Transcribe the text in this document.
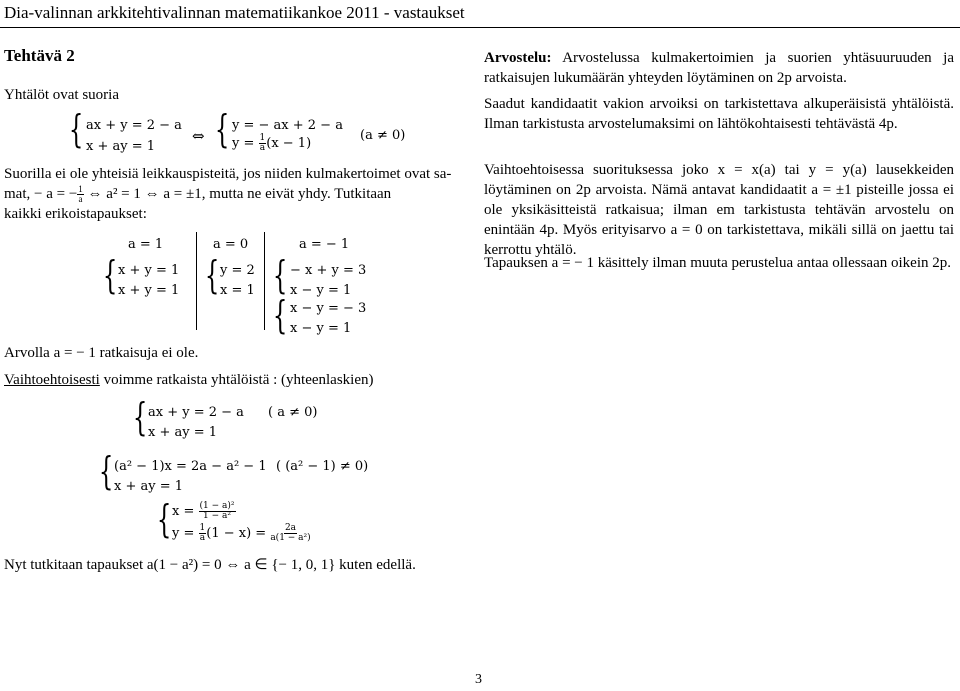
Dia-valinnan arkkitehtivalinnan matematiikankoe 2011 - vastaukset
Tehtävä 2
Yhtälöt ovat suoria
{ ax + y = 2 − a
x + ay = 1
⇔ { y = − ax + 2 − a
$y = \frac{1}{a} (x - 1)$
(a ≠ 0)
Suorilla ei ole yhteisiä leikkauspisteitä, jos niiden kulmakertoimet ovat sa-
mat, − a = − $\frac{1}{a}$ ⇔ a² = 1 ⇔ a = ±1, mutta ne eivät yhdy. Tutkitaan
kaikki erikoistapaukset:
a = 1	a = 0	a = − 1
{ x + y = 1
x + y = 1 { y = 2
x = 1 {
{
− x + y = 3
x − y = 1
x − y = − 3
x − y = 1
Arvolla a = − 1 ratkaisuja ei ole.
Vaihtoehtoisesti voimme ratkaista yhtälöistä : (yhteenlaskien)
{ ax + y = 2 − a ( a ≠ 0)
x + ay = 1
{ (a² − 1)x = 2a − a² − 1 ( (a² − 1) ≠ 0)
x + ay = 1
{ $x = \frac{\text{(1 − a)²}}{\text{1 − a²}}$
$y = \frac{1}{a} (1 - x) = \frac{2a}{\text{a(1 − a²)}}$
Nyt tutkitaan tapaukset a(1 − a²) = 0 ⇔ a ∈ {− 1, 0, 1} kuten edellä.
Arvostelu: Arvostelussa kulmakertoimien ja suorien yhtäsuuruuden ja ratkaisujen lukumäärän yhteyden löytäminen on 2p arvoista.
Saadut kandidaatit vakion arvoiksi on tarkistettava alkuperäisistä yhtälöistä. Ilman tarkistusta arvostelumaksimi on lähtökohtaisesti tehtävästä 4p.
Vaihtoehtoisessa suorituksessa joko x = x(a) tai y = y(a) lausekkeiden löytäminen on 2p arvoista. Nämä antavat kandidaatit a = ±1 pisteille jossa ei ole yksikäsitteistä ratkaisua; ilman em tarkistusta tehtävän arvostelu on enintään 4p. Myös erityisarvo a = 0 on tarkistettava, mikäli sillä on jaettu tai kerrottu yhtälö.
Tapauksen a = − 1 käsittely ilman muuta perustelua antaa ollessaan oikein 2p.
3
